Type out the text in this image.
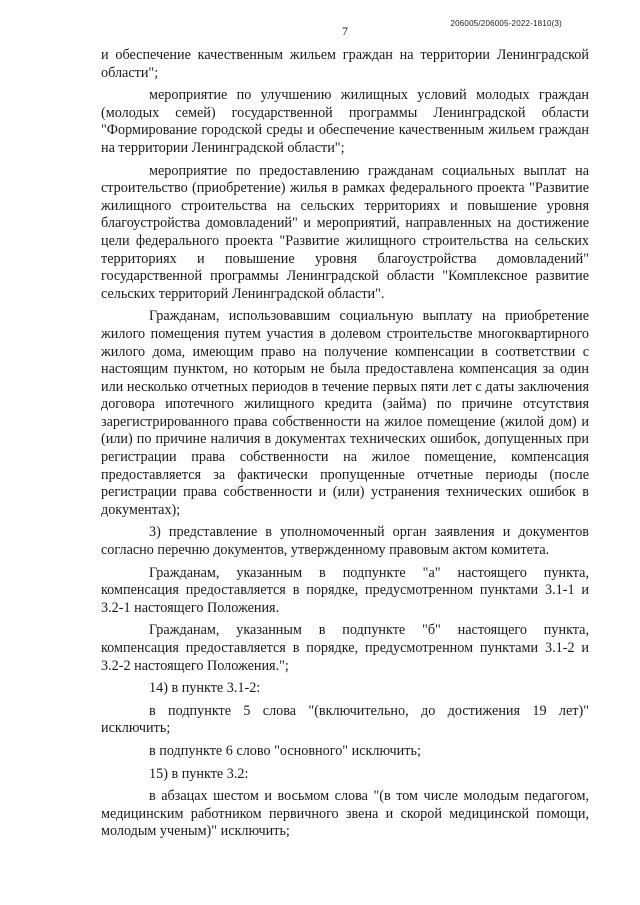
7
206005/206005-2022-1810(3)

и обеспечение качественным жильем граждан на территории Ленинградской области";

мероприятие по улучшению жилищных условий молодых граждан (молодых семей) государственной программы Ленинградской области "Формирование городской среды и обеспечение качественным жильем граждан на территории Ленинградской области";

мероприятие по предоставлению гражданам социальных выплат на строительство (приобретение) жилья в рамках федерального проекта "Развитие жилищного строительства на сельских территориях и повышение уровня благоустройства домовладений" и мероприятий, направленных на достижение цели федерального проекта "Развитие жилищного строительства на сельских территориях и повышение уровня благоустройства домовладений" государственной программы Ленинградской области "Комплексное развитие сельских территорий Ленинградской области".

Гражданам, использовавшим социальную выплату на приобретение жилого помещения путем участия в долевом строительстве многоквартирного жилого дома, имеющим право на получение компенсации в соответствии с настоящим пунктом, но которым не была предоставлена компенсация за один или несколько отчетных периодов в течение первых пяти лет с даты заключения договора ипотечного жилищного кредита (займа) по причине отсутствия зарегистрированного права собственности на жилое помещение (жилой дом) и (или) по причине наличия в документах технических ошибок, допущенных при регистрации права собственности на жилое помещение, компенсация предоставляется за фактически пропущенные отчетные периоды (после регистрации права собственности и (или) устранения технических ошибок в документах);

3) представление в уполномоченный орган заявления и документов согласно перечню документов, утвержденному правовым актом комитета.

Гражданам, указанным в подпункте "а" настоящего пункта, компенсация предоставляется в порядке, предусмотренном пунктами 3.1-1 и 3.2-1 настоящего Положения.

Гражданам, указанным в подпункте "б" настоящего пункта, компенсация предоставляется в порядке, предусмотренном пунктами 3.1-2 и 3.2-2 настоящего Положения.";

14) в пункте 3.1-2:

в подпункте 5 слова "(включительно, до достижения 19 лет)" исключить;

в подпункте 6 слово "основного" исключить;

15) в пункте 3.2:

в абзацах шестом и восьмом слова "(в том числе молодым педагогом, медицинским работником первичного звена и скорой медицинской помощи, молодым ученым)" исключить;
